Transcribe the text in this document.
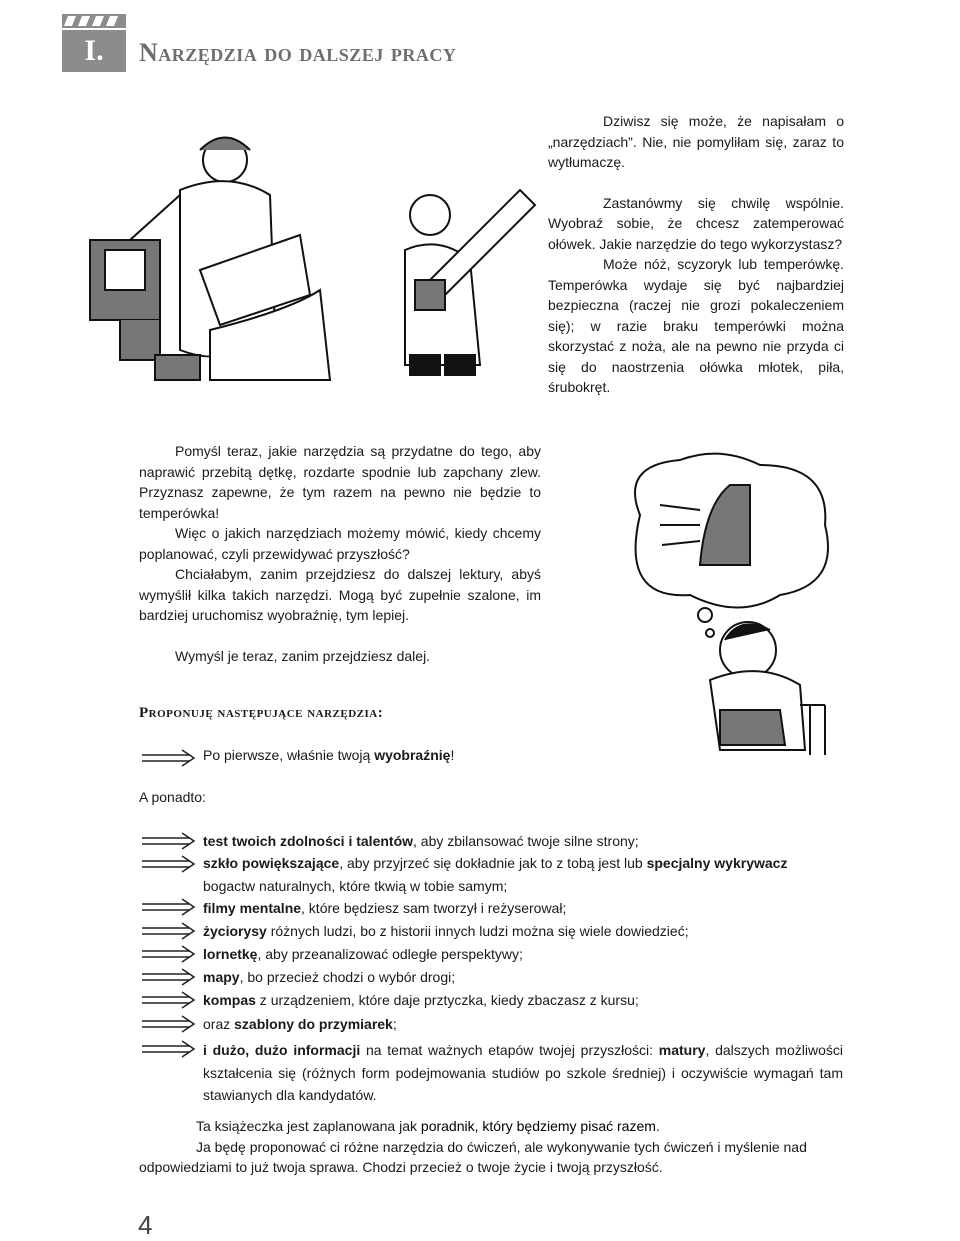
I.	Narzędzia do dalszej pracy

Dziwisz się może, że napisałam o „narzędziach”. Nie, nie pomyliłam się, zaraz to wytłumaczę.

Zastanówmy się chwilę wspólnie. Wyobraź sobie, że chcesz zatemperować ołówek. Jakie narzędzie do tego wykorzystasz?

Może nóż, scyzoryk lub temperówkę. Temperówka wydaje się być najbardziej bezpieczna (raczej nie grozi pokaleczeniem się); w razie braku temperówki można skorzystać z noża, ale na pewno nie przyda ci się do naostrzenia ołówka młotek, piła, śrubokręt.

Pomyśl teraz, jakie narzędzia są przydatne do tego, aby naprawić przebitą dętkę, rozdarte spodnie lub zapchany zlew. Przyznasz zapewne, że tym razem na pewno nie będzie to temperówka!

Więc o jakich narzędziach możemy mówić, kiedy chcemy poplanować, czyli przewidywać przyszłość?

Chciałabym, zanim przejdziesz do dalszej lektury, abyś wymyślił kilka takich narzędzi. Mogą być zupełnie szalone, im bardziej uruchomisz wyobraźnię, tym lepiej.

Wymyśl je teraz, zanim przejdziesz dalej.

Proponuję następujące narzędzia:
Po pierwsze, właśnie twoją wyobraźnię!
A ponadto:
test twoich zdolności i talentów, aby zbilansować twoje silne strony;
szkło powiększające, aby przyjrzeć się dokładnie jak to z tobą jest lub specjalny wykrywacz bogactw naturalnych, które tkwią w tobie samym;
filmy mentalne, które będziesz sam tworzył i reżyserował;
życiorysy różnych ludzi, bo z historii innych ludzi można się wiele dowiedzieć;
lornetkę, aby przeanalizować odległe perspektywy;
mapy, bo przecież chodzi o wybór drogi;
kompas z urządzeniem, które daje prztyczka, kiedy zbaczasz z kursu;
oraz szablony do przymiarek;
i dużo, dużo informacji na temat ważnych etapów twojej przyszłości: matury, dalszych możliwości kształcenia się (różnych form podejmowania studiów po szkole średniej) i oczywiście wymagań tam stawianych dla kandydatów.

Ta książeczka jest zaplanowana jak poradnik, który będziemy pisać razem.

Ja będę proponować ci różne narzędzia do ćwiczeń, ale wykonywanie tych ćwiczeń i myślenie nad odpowiedziami to już twoja sprawa. Chodzi przecież o twoje życie i twoją przyszłość.

4
